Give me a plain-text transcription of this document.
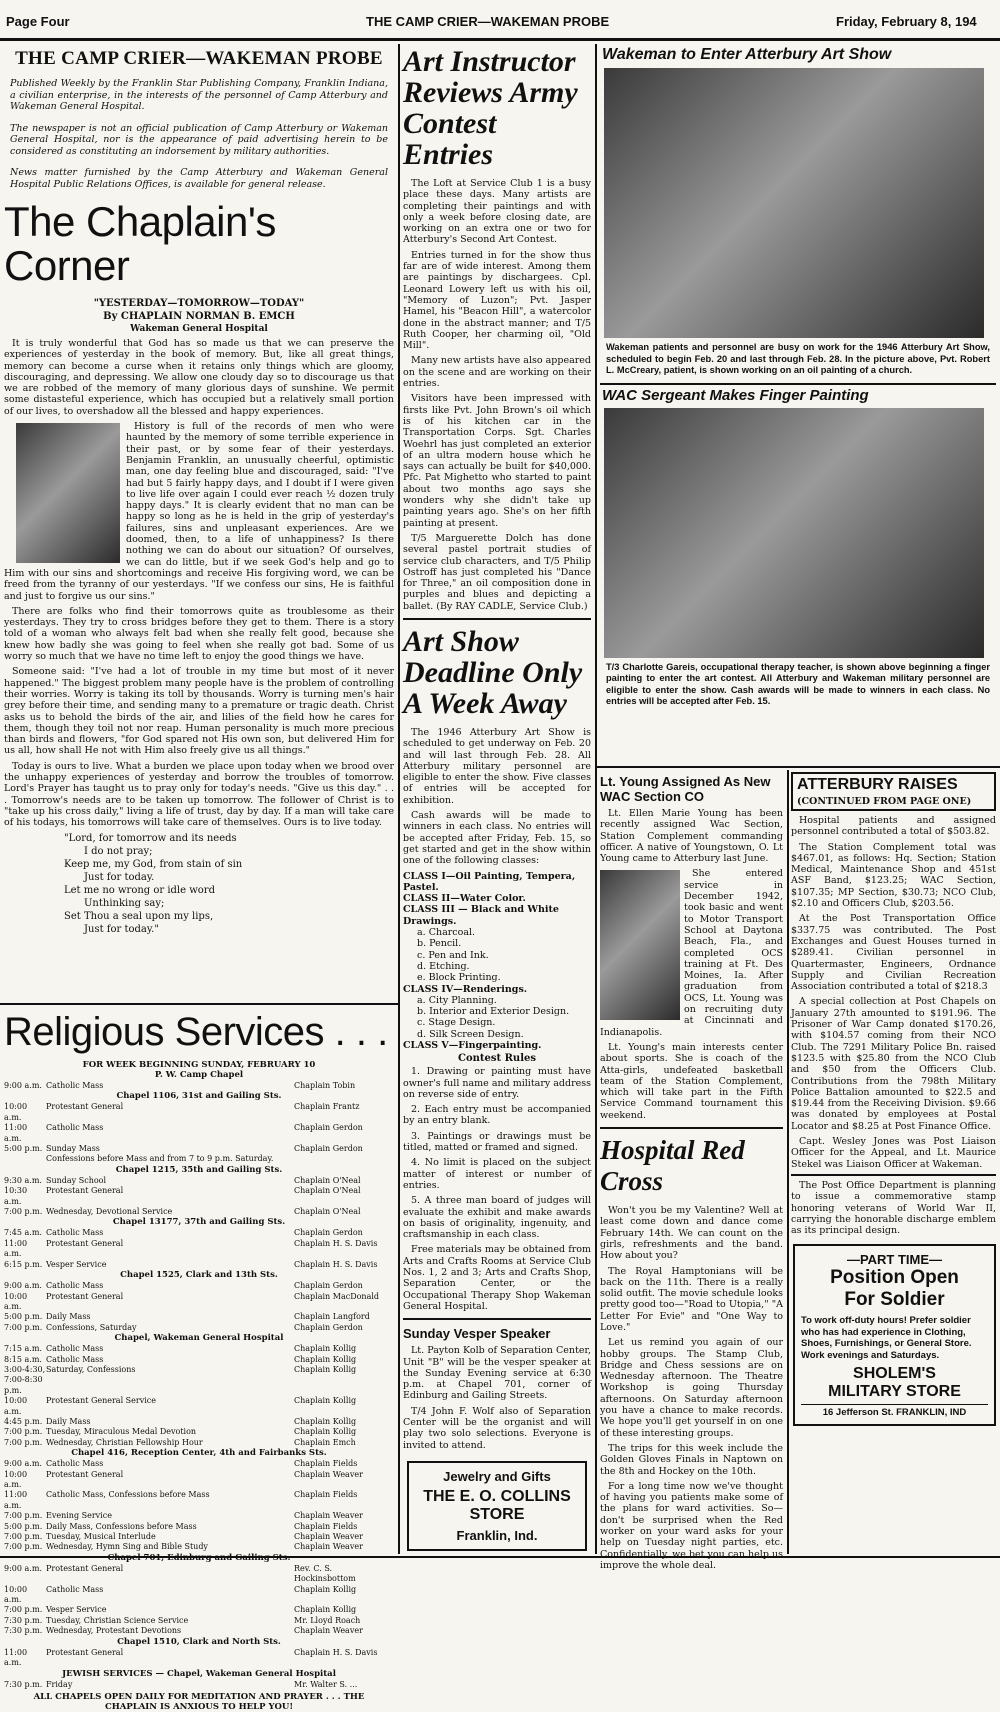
Page Four	THE CAMP CRIER—WAKEMAN PROBE	Friday, February 8, 194
THE CAMP CRIER—WAKEMAN PROBE

Published Weekly by the Franklin Star Publishing Company, Franklin Indiana, a civilian enterprise, in the interests of the personnel of Camp Atterbury and Wakeman General Hospital.

The newspaper is not an official publication of Camp Atterbury or Wakeman General Hospital, nor is the appearance of paid advertising herein to be considered as constituting an indorsement by military authorities.

News matter furnished by the Camp Atterbury and Wakeman General Hospital Public Relations Offices, is available for general release.

The Chaplain's Corner
"YESTERDAY—TOMORROW—TODAY"
By CHAPLAIN NORMAN B. EMCH
Wakeman General Hospital

It is truly wonderful that God has so made us that we can preserve the experiences of yesterday in the book of memory. But, like all great things, memory can become a curse when it retains only things which are gloomy, discouraging, and depressing. We allow one cloudy day so to discourage us that we are robbed of the memory of many glorious days of sunshine. We permit some distasteful experience, which has occupied but a relatively small portion of our lives, to overshadow all the blessed and happy experiences.

History is full of the records of men who were haunted by the memory of some terrible experience in their past, or by some fear of their yesterdays. Benjamin Franklin, an unusually cheerful, optimistic man, one day feeling blue and discouraged, said: "I've had but 5 fairly happy days, and I doubt if I were given to live life over again I could ever reach ½ dozen truly happy days." It is clearly evident that no man can be happy so long as he is held in the grip of yesterday's failures, sins and unpleasant experiences. Are we doomed, then, to a life of unhappiness? Is there nothing we can do about our situation? Of ourselves, we can do little, but if we seek God's help and go to Him with our sins and shortcomings and receive His forgiving word, we can be freed from the tyranny of our yesterdays. "If we confess our sins, He is faithful and just to forgive us our sins."

There are folks who find their tomorrows quite as troublesome as their yesterdays. They try to cross bridges before they get to them. There is a story told of a woman who always felt bad when she really felt good, because she knew how badly she was going to feel when she really got bad. Some of us worry so much that we have no time left to enjoy the good things we have.

Someone said: "I've had a lot of trouble in my time but most of it never happened." The biggest problem many people have is the problem of controlling their worries. Worry is taking its toll by thousands. Worry is turning men's hair grey before their time, and sending many to a premature or tragic death. Christ asks us to behold the birds of the air, and lilies of the field how he cares for them, though they toil not nor reap. Human personality is much more precious than birds and flowers, "for God spared not His own son, but delivered Him for us all, how shall He not with Him also freely give us all things."

Today is ours to live. What a burden we place upon today when we brood over the unhappy experiences of yesterday and borrow the troubles of tomorrow. Lord's Prayer has taught us to pray only for today's needs. "Give us this day." . . . Tomorrow's needs are to be taken up tomorrow. The follower of Christ is to "take up his cross daily," living a life of trust, day by day. If a man will take care of his todays, his tomorrows will take care of themselves. Ours is to live today.

"Lord, for tomorrow and its needs
I do not pray;
Keep me, my God, from stain of sin
Just for today.
Let me no wrong or idle word
Unthinking say;
Set Thou a seal upon my lips,
Just for today."
Religious Services . . .
FOR WEEK BEGINNING SUNDAY, FEBRUARY 10
P. W. Camp Chapel
9:00 a.m. Catholic Mass	Chaplain Tobin
Chapel 1106, 31st and Gailing Sts.
10:00 a.m.
Protestant General	Chaplain Frantz
11:00 a.m.
Catholic Mass	Chaplain Gerdon
5:00 p.m. Sunday Mass	Chaplain Gerdon
Confessions before Mass and from 7 to 9 p.m. Saturday.
Chapel 1215, 35th and Gailing Sts.
9:30 a.m. Sunday School	Chaplain O'Neal
10:30 a.m.
Protestant General	Chaplain O'Neal
7:00 p.m. Wednesday, Devotional Service	Chaplain O'Neal
Chapel 13177, 37th and Gailing Sts.
7:45 a.m. Catholic Mass	Chaplain Gerdon
11:00 a.m.
Protestant General	Chaplain H. S. Davis
6:15 p.m. Vesper Service	Chaplain H. S. Davis
Chapel 1525, Clark and 13th Sts.
9:00 a.m. Catholic Mass	Chaplain Gerdon
10:00 a.m.
Protestant General	Chaplain MacDonald
5:00 p.m. Daily Mass	Chaplain Langford
7:00 p.m. Confessions, Saturday	Chaplain Gerdon
Chapel, Wakeman General Hospital
7:15 a.m. Catholic Mass	Chaplain Kollig
8:15 a.m. Catholic Mass	Chaplain Kollig
3:00-4:30, 7:00-8:30 p.m.
Saturday, Confessions	Chaplain Kollig
10:00 a.m.
Protestant General Service	Chaplain Kollig
4:45 p.m. Daily Mass	Chaplain Kollig
7:00 p.m. Tuesday, Miraculous Medal Devotion	Chaplain Kollig
7:00 p.m. Wednesday, Christian Fellowship Hour	Chaplain Emch
Chapel 416, Reception Center, 4th and Fairbanks Sts.
9:00 a.m. Catholic Mass	Chaplain Fields
10:00 a.m.
Protestant General	Chaplain Weaver
11:00 a.m.
Catholic Mass, Confessions before Mass	Chaplain Fields
7:00 p.m. Evening Service	Chaplain Weaver
5:00 p.m. Daily Mass, Confessions before Mass	Chaplain Fields
7:00 p.m. Tuesday, Musical Interlude	Chaplain Weaver
7:00 p.m. Wednesday, Hymn Sing and Bible Study	Chaplain Weaver
Chapel 701, Edinburg and Gailing Sts.
9:00 a.m. Protestant General	Rev. C. S. Hockinsbottom
10:00 a.m.
Catholic Mass	Chaplain Kollig
7:00 p.m. Vesper Service	Chaplain Kollig
7:30 p.m. Tuesday, Christian Science Service	Mr. Lloyd Roach
7:30 p.m. Wednesday, Protestant Devotions	Chaplain Weaver
Chapel 1510, Clark and North Sts.
11:00 a.m.
Protestant General	Chaplain H. S. Davis
JEWISH SERVICES — Chapel, Wakeman General Hospital
7:30 p.m. Friday	Mr. Walter S. ...
ALL CHAPELS OPEN DAILY FOR MEDITATION AND PRAYER . . . THE
CHAPLAIN IS ANXIOUS TO HELP YOU!
Art Instructor Reviews Army Contest Entries

The Loft at Service Club 1 is a busy place these days. Many artists are completing their paintings and with only a week before closing date, are working on an extra one or two for Atterbury's Second Art Contest.

Entries turned in for the show thus far are of wide interest. Among them are paintings by dischargees. Cpl. Leonard Lowery left us with his oil, "Memory of Luzon"; Pvt. Jasper Hamel, his "Beacon Hill", a watercolor done in the abstract manner; and T/5 Ruth Cooper, her charming oil, "Old Mill".

Many new artists have also appeared on the scene and are working on their entries.

Visitors have been impressed with firsts like Pvt. John Brown's oil which is of his kitchen car in the Transportation Corps. Sgt. Charles Woehrl has just completed an exterior of an ultra modern house which he says can actually be built for $40,000. Pfc. Pat Mighetto who started to paint about two months ago says she wonders why she didn't take up painting years ago. She's on her fifth painting at present.

T/5 Marguerette Dolch has done several pastel portrait studies of service club characters, and T/5 Philip Ostroff has just completed his "Dance for Three," an oil composition done in purples and blues and depicting a ballet. (By RAY CADLE, Service Club.)

Art Show Deadline Only A Week Away

The 1946 Atterbury Art Show is scheduled to get underway on Feb. 20 and will last through Feb. 28. All Atterbury military personnel are eligible to enter the show. Five classes of entries will be accepted for exhibition.

Cash awards will be made to winners in each class. No entries will be accepted after Friday, Feb. 15, so get started and get in the show within one of the following classes:

CLASS I—Oil Painting, Tempera, Pastel.
CLASS II—Water Color.
CLASS III — Black and White Drawings.
a. Charcoal.
b. Pencil.
c. Pen and Ink.
d. Etching.
e. Block Printing.
CLASS IV—Renderings.
a. City Planning.
b. Interior and Exterior Design.
c. Stage Design.
d. Silk Screen Design.
CLASS V—Fingerpainting.
Contest Rules

1. Drawing or painting must have owner's full name and military address on reverse side of entry.

2. Each entry must be accompanied by an entry blank.

3. Paintings or drawings must be titled, matted or framed and signed.

4. No limit is placed on the subject matter of interest or number of entries.

5. A three man board of judges will evaluate the exhibit and make awards on basis of originality, ingenuity, and craftsmanship in each class.

Free materials may be obtained from Arts and Crafts Rooms at Service Club Nos. 1, 2 and 3; Arts and Crafts Shop, Separation Center, or the Occupational Therapy Shop Wakeman General Hospital.

Sunday Vesper Speaker

Lt. Payton Kolb of Separation Center, Unit "B" will be the vesper speaker at the Sunday Evening service at 6:30 p.m. at Chapel 701, corner of Edinburg and Gailing Streets.

T/4 John F. Wolf also of Separation Center will be the organist and will play two solo selections. Everyone is invited to attend.

Jewelry and Gifts
THE E. O. COLLINS STORE
Franklin, Ind.
Wakeman to Enter Atterbury Art Show
Wakeman patients and personnel are busy on work for the 1946 Atterbury Art Show, scheduled to begin Feb. 20 and last through Feb. 28. In the picture above, Pvt. Robert L. McCreary, patient, is shown working on an oil painting of a church.
WAC Sergeant Makes Finger Painting
T/3 Charlotte Gareis, occupational therapy teacher, is shown above beginning a finger painting to enter the art contest. All Atterbury and Wakeman military personnel are eligible to enter the show. Cash awards will be made to winners in each class. No entries will be accepted after Feb. 15.
Lt. Young Assigned As New WAC Section CO

Lt. Ellen Marie Young has been recently assigned Wac Section, Station Complement commanding officer. A native of Youngstown, O. Lt Young came to Atterbury last June.

She entered service in December 1942, took basic and went to Motor Transport School at Daytona Beach, Fla., and completed OCS training at Ft. Des Moines, Ia. After graduation from OCS, Lt. Young was on recruiting duty at Cincinnati and Indianapolis.

Lt. Young's main interests center about sports. She is coach of the Atta-girls, undefeated basketball team of the Station Complement, which will take part in the Fifth Service Command tournament this weekend.

Hospital Red Cross

Won't you be my Valentine? Well at least come down and dance come February 14th. We can count on the girls, refreshments and the band. How about you?

The Royal Hamptonians will be back on the 11th. There is a really solid outfit. The movie schedule looks pretty good too—"Road to Utopia," "A Letter For Evie" and "One Way to Love."

Let us remind you again of our hobby groups. The Stamp Club, Bridge and Chess sessions are on Wednesday afternoon. The Theatre Workshop is going Thursday afternoons. On Saturday afternoon you have a chance to make records. We hope you'll get yourself in on one of these interesting groups.

The trips for this week include the Golden Gloves Finals in Naptown on the 8th and Hockey on the 10th.

For a long time now we've thought of having you patients make some of the plans for ward activities. So—don't be surprised when the Red worker on your ward asks for your help on Tuesday night parties, etc. Confidentially, we bet you can help us improve the whole deal.

ATTERBURY RAISES
(CONTINUED FROM PAGE ONE)

Hospital patients and assigned personnel contributed a total of $503.82.

The Station Complement total was $467.01, as follows: Hq. Section; Station Medical, Maintenance Shop and 451st ASF Band, $123.25; WAC Section, $107.35; MP Section, $30.73; NCO Club, $2.10 and Officers Club, $203.56.

At the Post Transportation Office $337.75 was contributed. The Post Exchanges and Guest Houses turned in $289.41. Civilian personnel in Quartermaster, Engineers, Ordnance Supply and Civilian Recreation Association contributed a total of $218.3

A special collection at Post Chapels on January 27th amounted to $191.96. The Prisoner of War Camp donated $170.26, with $104.57 coming from their NCO Club. The 7291 Military Police Bn. raised $123.5 with $25.80 from the NCO Club and $50 from the Officers Club. Contributions from the 798th Military Police Battalion amounted to $22.5 and $19.44 from the Receiving Division. $9.66 was donated by employees at Postal Locator and $8.25 at Post Finance Office.

Capt. Wesley Jones was Post Liaison Officer for the Appeal, and Lt. Maurice Stekel was Liaison Officer at Wakeman.

The Post Office Department is planning to issue a commemorative stamp honoring veterans of World War II, carrying the honorable discharge emblem as its principal design.

—PART TIME—
Position Open
For Soldier
To work off-duty hours! Prefer soldier who has had experience in Clothing, Shoes, Furnishings, or General Store. Work evenings and Saturdays.
SHOLEM'S
MILITARY STORE
16 Jefferson St. FRANKLIN, IND
